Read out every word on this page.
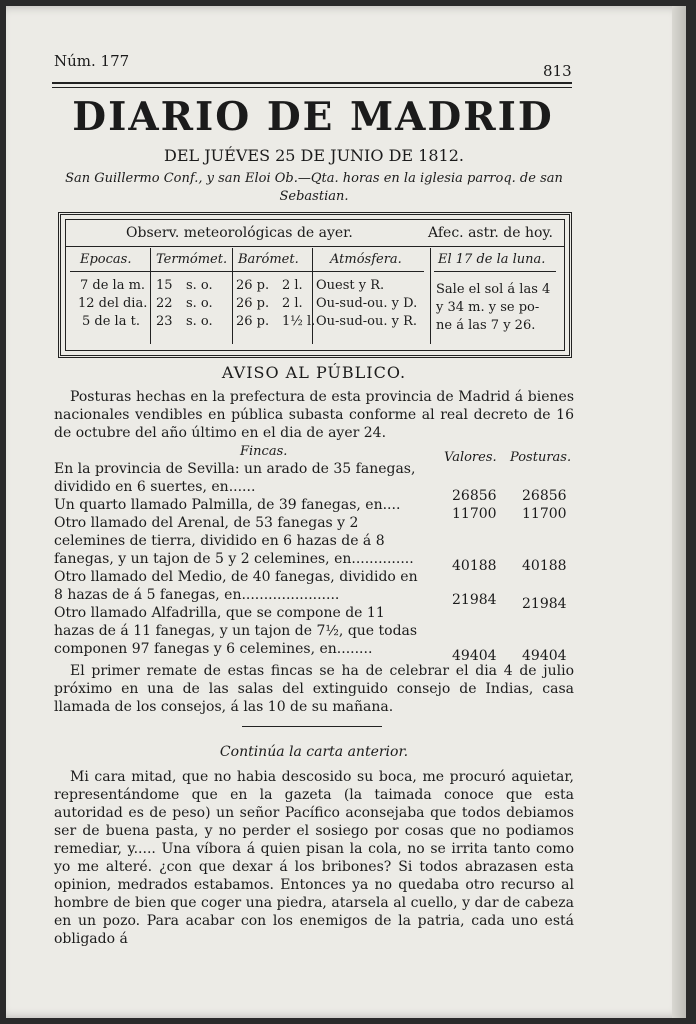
Núm. 177
813
DIARIO DE MADRID
DEL JUÉVES 25 DE JUNIO DE 1812.
San Guillermo Conf., y san Eloi Ob.—Qta. horas en la iglesia parroq. de san Sebastian.
Observ. meteorológicas de ayer.	Afec. astr. de hoy.
Epocas. Termómet. Barómet. Atmósfera.	El 17 de la luna.
7 de la m. 15 s. o. 26 p. 2 l. Ouest y R.
12 del dia. 22 s. o. 26 p. 2 l. Ou-sud-ou. y D.
5 de la t. 23 s. o. 26 p. 1½ l. Ou-sud-ou. y R.
Sale el sol á las 4
y 34 m. y se po-
ne á las 7 y 26.
AVISO AL PÚBLICO.
Posturas hechas en la prefectura de esta provincia de Madrid á bienes nacionales vendibles en pública subasta conforme al real decreto de 16 de octubre del año último en el dia de ayer 24.
Fincas.	Valores. Posturas.
En la provincia de Sevilla: un arado de 35 fanegas, dividido en 6 suertes, en......
26856 26856
Un quarto llamado Palmilla, de 39 fanegas, en....
11700 11700
Otro llamado del Arenal, de 53 fanegas y 2 celemines de tierra, dividido en 6 hazas de á 8 fanegas, y un tajon de 5 y 2 celemines, en..............	40188 40188
Otro llamado del Medio, de 40 fanegas, dividido en 8 hazas de á 5 fanegas, en......................	21984 21984
Otro llamado Alfadrilla, que se compone de 11 hazas de á 11 fanegas, y un tajon de 7½, que todas componen 97 fanegas y 6 celemines, en........	49404 49404
El primer remate de estas fincas se ha de celebrar el dia 4 de julio próximo en una de las salas del extinguido consejo de Indias, casa llamada de los consejos, á las 10 de su mañana.
Continúa la carta anterior.
Mi cara mitad, que no habia descosido su boca, me procuró aquietar, representándome que en la gazeta (la taimada conoce que esta autoridad es de peso) un señor Pacífico aconsejaba que todos debiamos ser de buena pasta, y no perder el sosiego por cosas que no podiamos remediar, y..... Una víbora á quien pisan la cola, no se irrita tanto como yo me alteré. ¿con que dexar á los bribones? Si todos abrazasen esta opinion, medrados estabamos. Entonces ya no quedaba otro recurso al hombre de bien que coger una piedra, atarsela al cuello, y dar de cabeza en un pozo. Para acabar con los enemigos de la patria, cada uno está obligado á
